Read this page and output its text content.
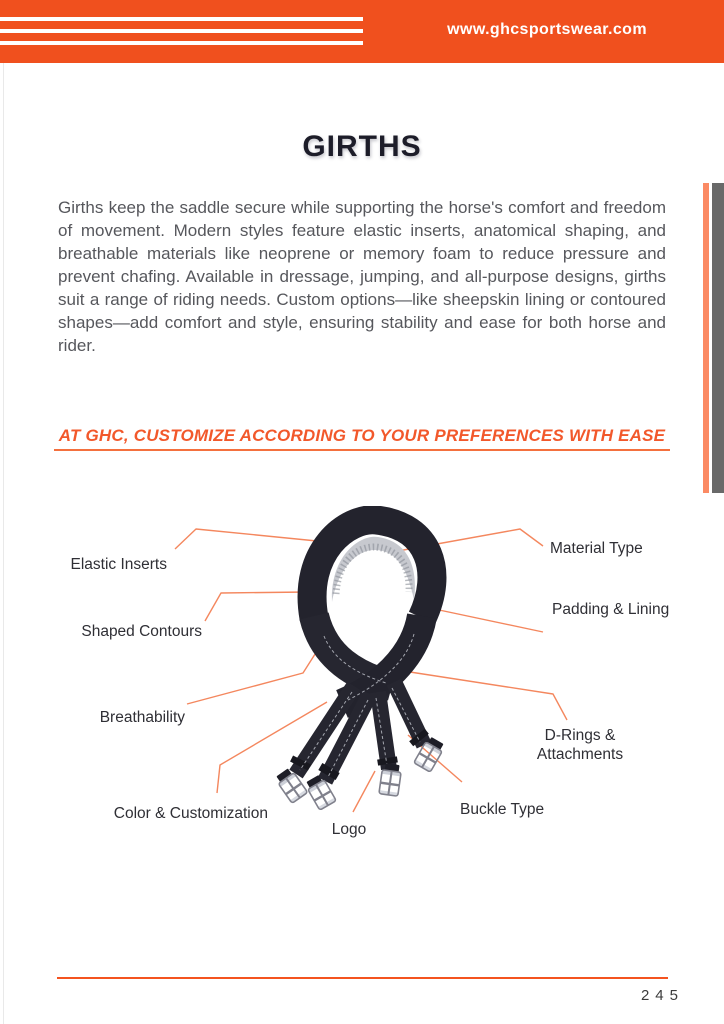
www.ghcsportswear.com
GIRTHS

Girths keep the saddle secure while supporting the horse's comfort and freedom of movement. Modern styles feature elastic inserts, anatomical shaping, and breathable materials like neoprene or memory foam to reduce pressure and prevent chafing. Available in dressage, jumping, and all-purpose designs, girths suit a range of riding needs. Custom options—like sheepskin lining or contoured shapes—add comfort and style, ensuring stability and ease for both horse and rider.

AT GHC, CUSTOMIZE ACCORDING TO YOUR PREFERENCES WITH EASE
Elastic Inserts
Shaped Contours
Breathability
Color & Customization
Logo
Buckle Type
D-Rings & Attachments
Padding & Lining
Material Type
245
